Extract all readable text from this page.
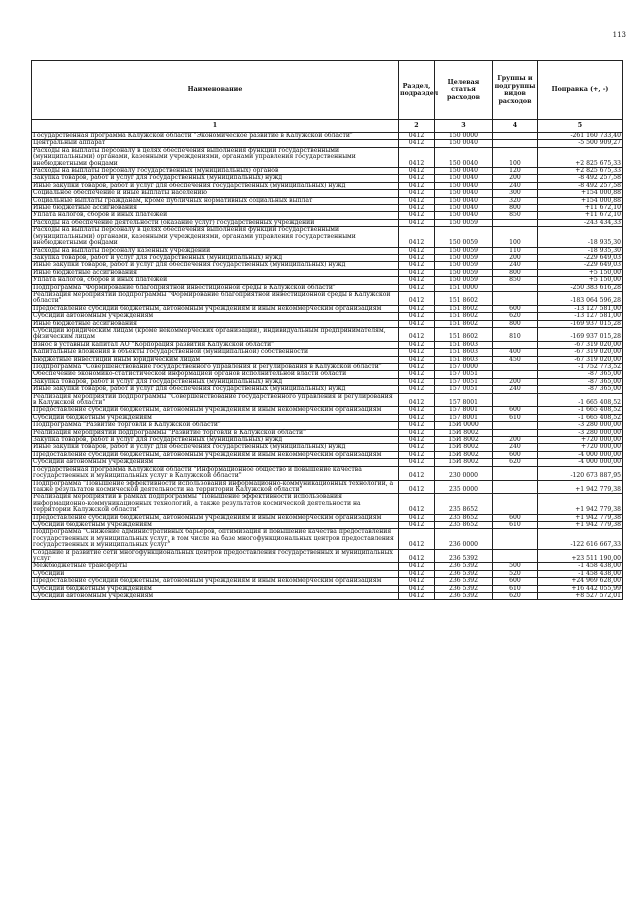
113
Наименование	Раздел, подраздел	Целевая статья расходов	Группы и подгруппы видов расходов	Поправка (+, -)
1	2	3	4	5
Государственная программа Калужской области "Экономическое развитие в Калужской области"	0412	150 0000		-261 160 733,40
Центральный аппарат	0412	150 0040		-5 500 909,27
Расходы на выплаты персоналу в целях обеспечения выполнения функций государственными (муниципальными) органами, казенными учреждениями, органами управления государственными внебюджетными фондами	0412	150 0040	100	+2 825 675,33
Расходы на выплаты персоналу государственных (муниципальных) органов	0412	150 0040	120	+2 825 675,33
Закупка товаров, работ и услуг для государственных (муниципальных) нужд	0412	150 0040	200	-8 492 257,58
Иные закупки товаров, работ и услуг для обеспечения государственных (муниципальных) нужд	0412	150 0040	240	-8 492 257,58
Социальное обеспечение и иные выплаты населению	0412	150 0040	300	+154 000,88
Социальные выплаты гражданам, кроме публичных нормативных социальных выплат	0412	150 0040	320	+154 000,88
Иные бюджетные ассигнования	0412	150 0040	800	+11 672,10
Уплата налогов, сборов и иных платежей	0412	150 0040	850	+11 672,10
Расходы на обеспечение деятельности (оказание услуг) государственных учреждений	0412	150 0059		-243 434,33
Расходы на выплаты персоналу в целях обеспечения выполнения функций государственными (муниципальными) органами, казенными учреждениями, органами управления государственными внебюджетными фондами	0412	150 0059	100	-18 935,30
Расходы на выплаты персоналу казенных учреждений	0412	150 0059	110	-18 935,30
Закупка товаров, работ и услуг для государственных (муниципальных) нужд	0412	150 0059	200	-229 649,03
Иные закупки товаров, работ и услуг для обеспечения государственных (муниципальных) нужд	0412	150 0059	240	-229 649,03
Иные бюджетные ассигнования	0412	150 0059	800	+5 150,00
Уплата налогов, сборов и иных платежей	0412	150 0059	850	+5 150,00
Подпрограмма "Формирование благоприятной инвестиционной среды в Калужской области"	0412	151 0000		-250 383 616,28
Реализация мероприятий подпрограммы "Формирование благоприятной инвестиционной среды в Калужской области"	0412	151 8602		-183 064 596,28
Предоставление субсидий бюджетным, автономным учреждениям и иным некоммерческим организациям	0412	151 8602	600	-13 127 581,00
Субсидии автономным учреждениям	0412	151 8602	620	-13 127 581,00
Иные бюджетные ассигнования	0412	151 8602	800	-169 937 015,28
Субсидии юридическим лицам (кроме некоммерческих организаций), индивидуальным предпринимателям, физическим лицам	0412	151 8602	810	-169 937 015,28
Взнос в уставный капитал АО "Корпорация развития Калужской области"	0412	151 8603		-67 319 020,00
Капитальные вложения в объекты государственной (муниципальной) собственности	0412	151 8603	400	-67 319 020,00
Бюджетные инвестиции иным юридическим лицам	0412	151 8603	450	-67 319 020,00
Подпрограмма "Совершенствование государственного управления и регулирования в Калужской области"	0412	157 0000		-1 752 773,52
Обеспечение экономико-статистической информацией органов исполнительной власти области	0412	157 0051		-87 365,00
Закупка товаров, работ и услуг для государственных (муниципальных) нужд	0412	157 0051	200	-87 365,00
Иные закупки товаров, работ и услуг для обеспечения государственных (муниципальных) нужд	0412	157 0051	240	-87 365,00
Реализация мероприятий подпрограммы "Совершенствование государственного управления и регулирования в Калужской области"	0412	157 8001		-1 665 408,52
Предоставление субсидий бюджетным, автономным учреждениям и иным некоммерческим организациям	0412	157 8001	600	-1 665 408,52
Субсидии бюджетным учреждениям	0412	157 8001	610	-1 665 408,52
Подпрограмма "Развитие торговли в Калужской области"	0412	15И 0000		-3 280 000,00
Реализация мероприятий подпрограммы "Развитие торговли в Калужской области"	0412	15И 8002		-3 280 000,00
Закупка товаров, работ и услуг для государственных (муниципальных) нужд	0412	15И 8002	200	+720 000,00
Иные закупки товаров, работ и услуг для обеспечения государственных (муниципальных) нужд	0412	15И 8002	240	+720 000,00
Предоставление субсидий бюджетным, автономным учреждениям и иным некоммерческим организациям	0412	15И 8002	600	-4 000 000,00
Субсидии автономным учреждениям	0412	15И 8002	620	-4 000 000,00
Государственная программа Калужской области "Информационное общество и повышение качества государственных и муниципальных услуг в Калужской области"	0412	230 0000		-120 673 887,95
Подпрограмма "Повышение эффективности использования информационно-коммуникационных технологий, а также результатов космической деятельности на территории Калужской области"	0412	235 0000		+1 942 779,38
Реализация мероприятий в рамках подпрограммы "Повышение эффективности использования информационно-коммуникационных технологий, а также результатов космической деятельности на территории Калужской области"	0412	235 8652		+1 942 779,38
Предоставление субсидий бюджетным, автономным учреждениям и иным некоммерческим организациям	0412	235 8652	600	+1 942 779,38
Субсидии бюджетным учреждениям	0412	235 8652	610	+1 942 779,38
Подпрограмма "Снижение административных барьеров, оптимизация и повышение качества предоставления государственных и муниципальных услуг, в том числе на базе многофункциональных центров предоставления государственных и муниципальных услуг"	0412	236 0000		-122 616 667,33
Создание и развитие сети многофункциональных центров предоставления государственных и муниципальных услуг	0412	236 5392		+23 511 190,00
Межбюджетные трансферты	0412	236 5392	500	-1 458 438,00
Субсидии	0412	236 5392	520	-1 458 438,00
Предоставление субсидий бюджетным, автономным учреждениям и иным некоммерческим организациям	0412	236 5392	600	+24 969 628,00
Субсидии бюджетным учреждениям	0412	236 5392	610	+16 442 055,99
Субсидии автономным учреждениям	0412	236 5392	620	+8 527 572,01
